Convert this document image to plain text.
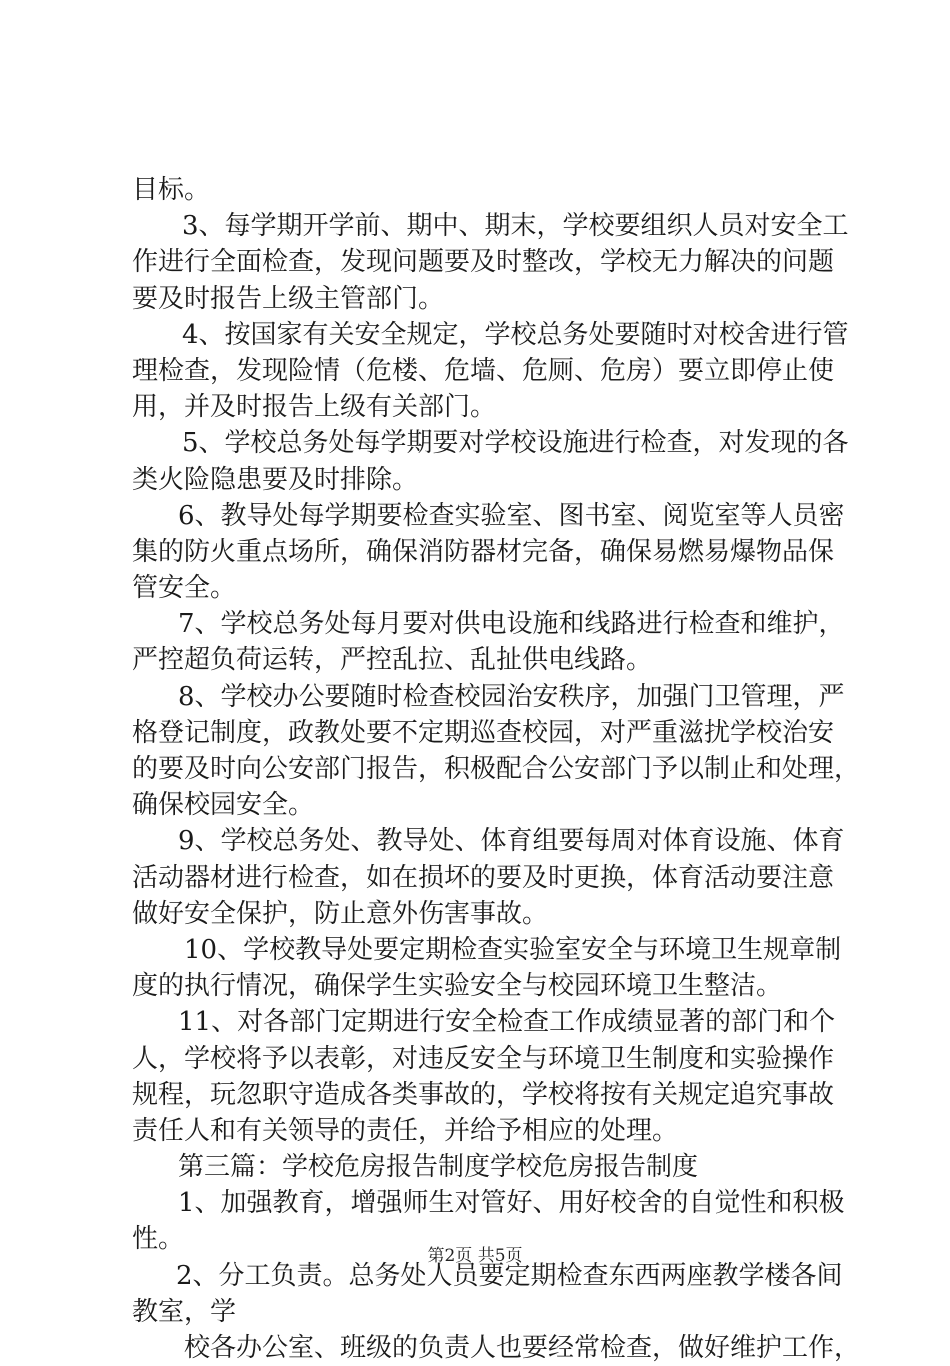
目标。
3、每学期开学前、期中、期末，学校要组织人员对安全工
作进行全面检查，发现问题要及时整改，学校无力解决的问题
要及时报告上级主管部门。
4、按国家有关安全规定，学校总务处要随时对校舍进行管
理检查，发现险情（危楼、危墙、危厕、危房）要立即停止使
用，并及时报告上级有关部门。
5、学校总务处每学期要对学校设施进行检查，对发现的各
类火险隐患要及时排除。
6、教导处每学期要检查实验室、图书室、阅览室等人员密
集的防火重点场所，确保消防器材完备，确保易燃易爆物品保
管安全。
7、学校总务处每月要对供电设施和线路进行检查和维护，
严控超负荷运转，严控乱拉、乱扯供电线路。
8、学校办公要随时检查校园治安秩序，加强门卫管理，严
格登记制度，政教处要不定期巡查校园，对严重滋扰学校治安
的要及时向公安部门报告，积极配合公安部门予以制止和处理，
确保校园安全。
9、学校总务处、教导处、体育组要每周对体育设施、体育
活动器材进行检查，如在损坏的要及时更换，体育活动要注意
做好安全保护，防止意外伤害事故。
10、学校教导处要定期检查实验室安全与环境卫生规章制
度的执行情况，确保学生实验安全与校园环境卫生整洁。
11、对各部门定期进行安全检查工作成绩显著的部门和个
人，学校将予以表彰，对违反安全与环境卫生制度和实验操作
规程，玩忽职守造成各类事故的，学校将按有关规定追究事故
责任人和有关领导的责任，并给予相应的处理。
第三篇：学校危房报告制度学校危房报告制度
1、加强教育，增强师生对管好、用好校舍的自觉性和积极
性。
2、分工负责。总务处人员要定期检查东西两座教学楼各间
教室，学
校各办公室、班级的负责人也要经常检查，做好维护工作，
第2页 共5页
